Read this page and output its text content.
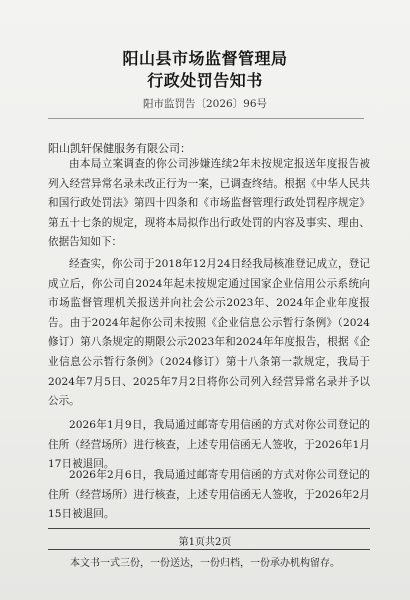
阳山县市场监督管理局
行政处罚告知书
阳市监罚告〔2026〕96号
阳山凯轩保健服务有限公司：
由本局立案调查的你公司涉嫌连续2年未按规定报送年度报告被列入经营异常名录未改正行为一案，已调查终结。根据《中华人民共和国行政处罚法》第四十四条和《市场监督管理行政处罚程序规定》第五十七条的规定，现将本局拟作出行政处罚的内容及事实、理由、依据告知如下：
经查实，你公司于2018年12月24日经我局核准登记成立，登记成立后，你公司自2024年起未按规定通过国家企业信用公示系统向市场监督管理机关报送并向社会公示2023年、2024年企业年度报告。由于2024年起你公司未按照《企业信息公示暂行条例》（2024修订）第八条规定的期限公示2023年和2024年年度报告，根据《企业信息公示暂行条例》（2024修订）第十八条第一款规定，我局于2024年7月5日、2025年7月2日将你公司列入经营异常名录并予以公示。
2026年1月9日，我局通过邮寄专用信函的方式对你公司登记的住所（经营场所）进行核查，上述专用信函无人签收，于2026年1月17日被退回。
2026年2月6日，我局通过邮寄专用信函的方式对你公司登记的住所（经营场所）进行核查，上述专用信函无人签收，于2026年2月15日被退回。
第1页共2页
本文书一式三份，一份送达，一份归档，一份承办机构留存。
